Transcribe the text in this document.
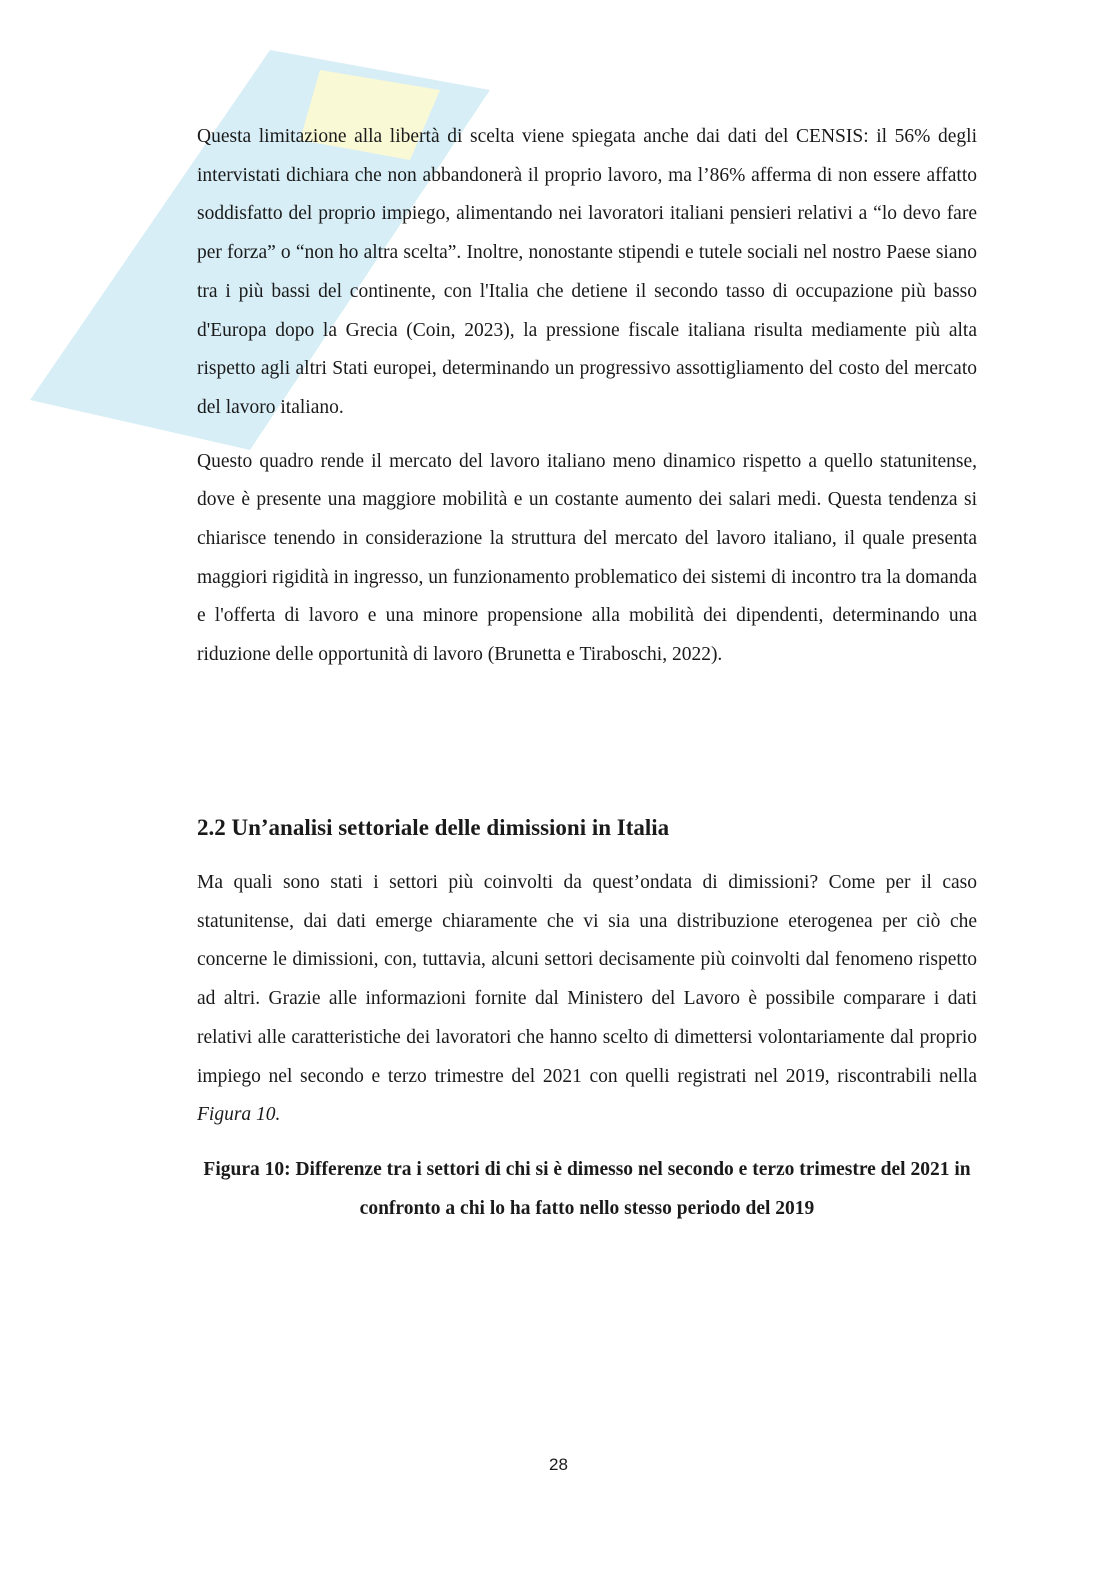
Questa limitazione alla libertà di scelta viene spiegata anche dai dati del CENSIS: il 56% degli intervistati dichiara che non abbandonerà il proprio lavoro, ma l’86% afferma di non essere affatto soddisfatto del proprio impiego, alimentando nei lavoratori italiani pensieri relativi a “lo devo fare per forza” o “non ho altra scelta”. Inoltre, nonostante stipendi e tutele sociali nel nostro Paese siano tra i più bassi del continente, con l'Italia che detiene il secondo tasso di occupazione più basso d'Europa dopo la Grecia (Coin, 2023), la pressione fiscale italiana risulta mediamente più alta rispetto agli altri Stati europei, determinando un progressivo assottigliamento del costo del mercato del lavoro italiano.

Questo quadro rende il mercato del lavoro italiano meno dinamico rispetto a quello statunitense, dove è presente una maggiore mobilità e un costante aumento dei salari medi. Questa tendenza si chiarisce tenendo in considerazione la struttura del mercato del lavoro italiano, il quale presenta maggiori rigidità in ingresso, un funzionamento problematico dei sistemi di incontro tra la domanda e l'offerta di lavoro e una minore propensione alla mobilità dei dipendenti, determinando una riduzione delle opportunità di lavoro (Brunetta e Tiraboschi, 2022).

2.2 Un’analisi settoriale delle dimissioni in Italia

Ma quali sono stati i settori più coinvolti da quest’ondata di dimissioni? Come per il caso statunitense, dai dati emerge chiaramente che vi sia una distribuzione eterogenea per ciò che concerne le dimissioni, con, tuttavia, alcuni settori decisamente più coinvolti dal fenomeno rispetto ad altri. Grazie alle informazioni fornite dal Ministero del Lavoro è possibile comparare i dati relativi alle caratteristiche dei lavoratori che hanno scelto di dimettersi volontariamente dal proprio impiego nel secondo e terzo trimestre del 2021 con quelli registrati nel 2019, riscontrabili nella Figura 10.

Figura 10: Differenze tra i settori di chi si è dimesso nel secondo e terzo trimestre del 2021 in confronto a chi lo ha fatto nello stesso periodo del 2019

28
